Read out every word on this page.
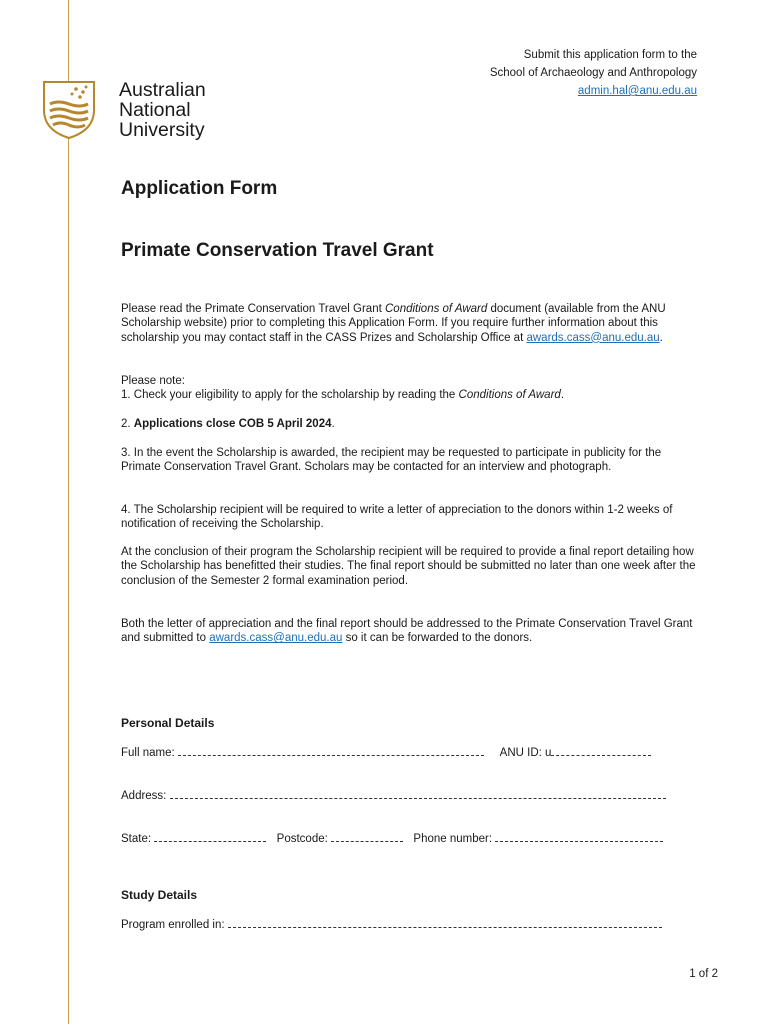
Australian
National
University
Submit this application form to the
School of Archaeology and Anthropology
admin.hal@anu.edu.au
Application Form
Primate Conservation Travel Grant

Please read the Primate Conservation Travel Grant Conditions of Award document (available from the ANU Scholarship website) prior to completing this Application Form. If you require further information about this scholarship you may contact staff in the CASS Prizes and Scholarship Office at awards.cass@anu.edu.au.

Please note:

1. Check your eligibility to apply for the scholarship by reading the Conditions of Award.

2. Applications close COB 5 April 2024.

3. In the event the Scholarship is awarded, the recipient may be requested to participate in publicity for the Primate Conservation Travel Grant. Scholars may be contacted for an interview and photograph.

4. The Scholarship recipient will be required to write a letter of appreciation to the donors within 1-2 weeks of notification of receiving the Scholarship.

At the conclusion of their program the Scholarship recipient will be required to provide a final report detailing how the Scholarship has benefitted their studies. The final report should be submitted no later than one week after the conclusion of the Semester 2 formal examination period.

Both the letter of appreciation and the final report should be addressed to the Primate Conservation Travel Grant and submitted to awards.cass@anu.edu.au so it can be forwarded to the donors.

Personal Details
Full name:	ANU ID: u
Address:
State:	Postcode:	Phone number:
Study Details
Program enrolled in:
1 of 2
